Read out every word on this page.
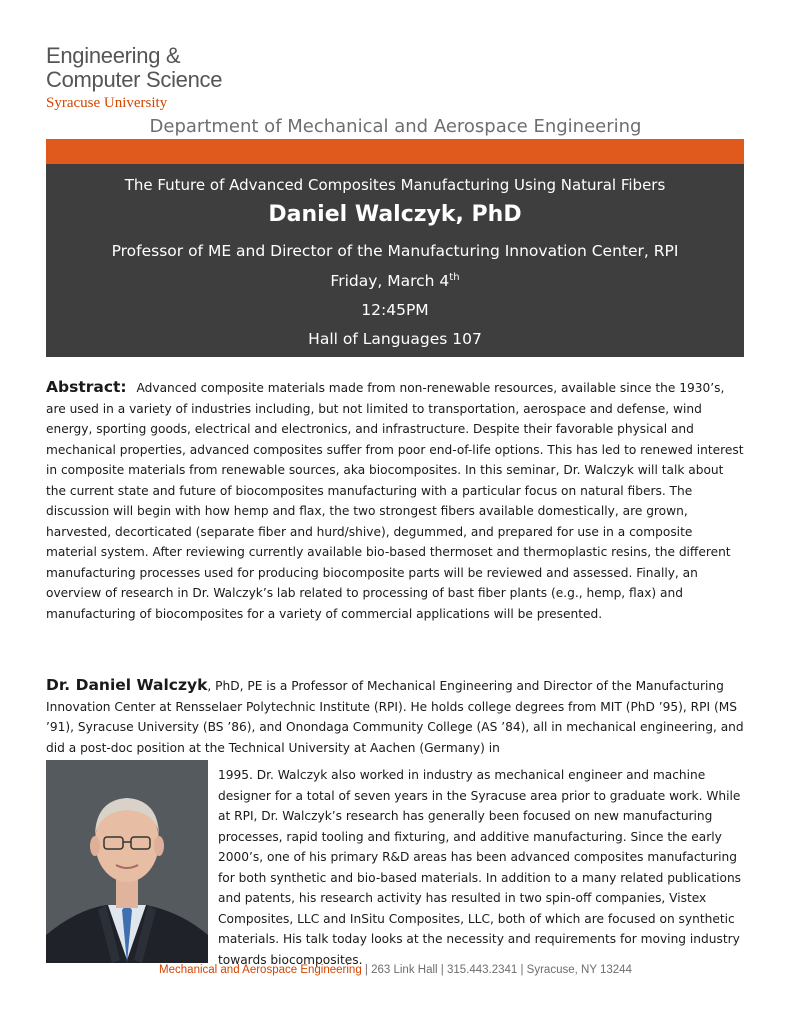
Engineering &
Computer Science
Syracuse University
Department of Mechanical and Aerospace Engineering
The Future of Advanced Composites Manufacturing Using Natural Fibers
Daniel Walczyk, PhD
Professor of ME and Director of the Manufacturing Innovation Center, RPI
Friday, March 4th
12:45PM
Hall of Languages 107
Abstract: Advanced composite materials made from non-renewable resources, available since the 1930’s, are used in a variety of industries including, but not limited to transportation, aerospace and defense, wind energy, sporting goods, electrical and electronics, and infrastructure. Despite their favorable physical and mechanical properties, advanced composites suffer from poor end-of-life options. This has led to renewed interest in composite materials from renewable sources, aka biocomposites. In this seminar, Dr. Walczyk will talk about the current state and future of biocomposites manufacturing with a particular focus on natural fibers. The discussion will begin with how hemp and flax, the two strongest fibers available domestically, are grown, harvested, decorticated (separate fiber and hurd/shive), degummed, and prepared for use in a composite material system. After reviewing currently available bio-based thermoset and thermoplastic resins, the different manufacturing processes used for producing biocomposite parts will be reviewed and assessed. Finally, an overview of research in Dr. Walczyk’s lab related to processing of bast fiber plants (e.g., hemp, flax) and manufacturing of biocomposites for a variety of commercial applications will be presented.
Dr. Daniel Walczyk, PhD, PE is a Professor of Mechanical Engineering and Director of the Manufacturing Innovation Center at Rensselaer Polytechnic Institute (RPI). He holds college degrees from MIT (PhD ’95), RPI (MS ’91), Syracuse University (BS ’86), and Onondaga Community College (AS ’84), all in mechanical engineering, and did a post-doc position at the Technical University at Aachen (Germany) in
1995. Dr. Walczyk also worked in industry as mechanical engineer and machine designer for a total of seven years in the Syracuse area prior to graduate work. While at RPI, Dr. Walczyk’s research has generally been focused on new manufacturing processes, rapid tooling and fixturing, and additive manufacturing. Since the early 2000’s, one of his primary R&D areas has been advanced composites manufacturing for both synthetic and bio-based materials. In addition to a many related publications and patents, his research activity has resulted in two spin-off companies, Vistex Composites, LLC and InSitu Composites, LLC, both of which are focused on synthetic materials. His talk today looks at the necessity and requirements for moving industry towards biocomposites.
Mechanical and Aerospace Engineering | 263 Link Hall | 315.443.2341 | Syracuse, NY 13244
